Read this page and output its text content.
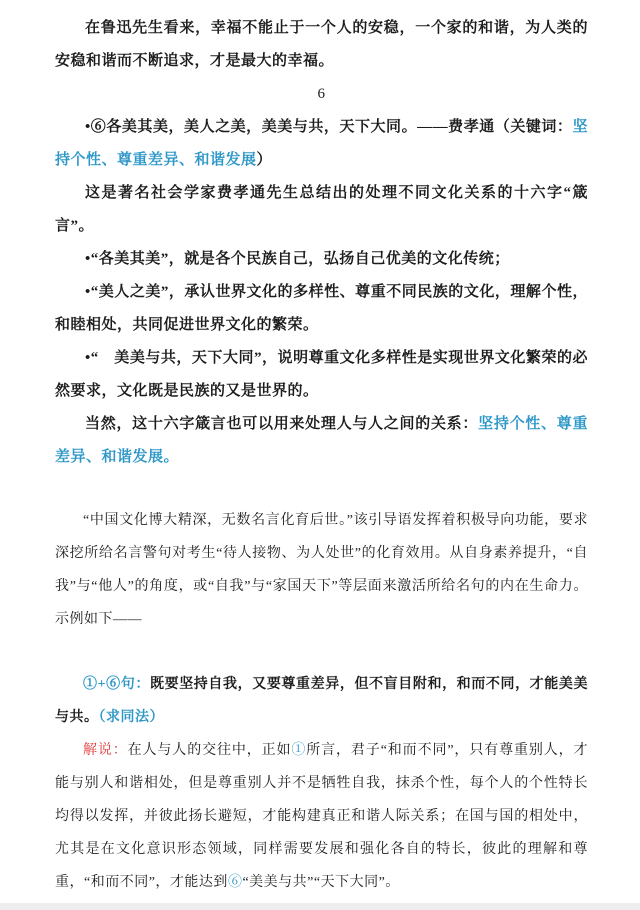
在鲁迅先生看来，幸福不能止于一个人的安稳，一个家的和谐，为人类的安稳和谐而不断追求，才是最大的幸福。

6

•⑥各美其美，美人之美，美美与共，天下大同。——费孝通（关键词：坚持个性、尊重差异、和谐发展）

这是著名社会学家费孝通先生总结出的处理不同文化关系的十六字“箴言”。

•“各美其美”，就是各个民族自己，弘扬自己优美的文化传统；

•“美人之美”，承认世界文化的多样性、尊重不同民族的文化，理解个性，和睦相处，共同促进世界文化的繁荣。

•“　美美与共，天下大同”，说明尊重文化多样性是实现世界文化繁荣的必然要求，文化既是民族的又是世界的。

当然，这十六字箴言也可以用来处理人与人之间的关系：坚持个性、尊重差异、和谐发展。

“中国文化博大精深，无数名言化育后世。”该引导语发挥着积极导向功能，要求深挖所给名言警句对考生“待人接物、为人处世”的化育效用。从自身素养提升，“自我”与“他人”的角度，或“自我”与“家国天下”等层面来激活所给名句的内在生命力。示例如下——

①+⑥句：既要坚持自我，又要尊重差异，但不盲目附和，和而不同，才能美美与共。（求同法）

解说：在人与人的交往中，正如①所言，君子“和而不同”，只有尊重别人，才能与别人和谐相处，但是尊重别人并不是牺牲自我，抹杀个性，每个人的个性特长均得以发挥，并彼此扬长避短，才能构建真正和谐人际关系；在国与国的相处中，尤其是在文化意识形态领域，同样需要发展和强化各自的特长，彼此的理解和尊重，“和而不同”，才能达到⑥“美美与共”“天下大同”。
